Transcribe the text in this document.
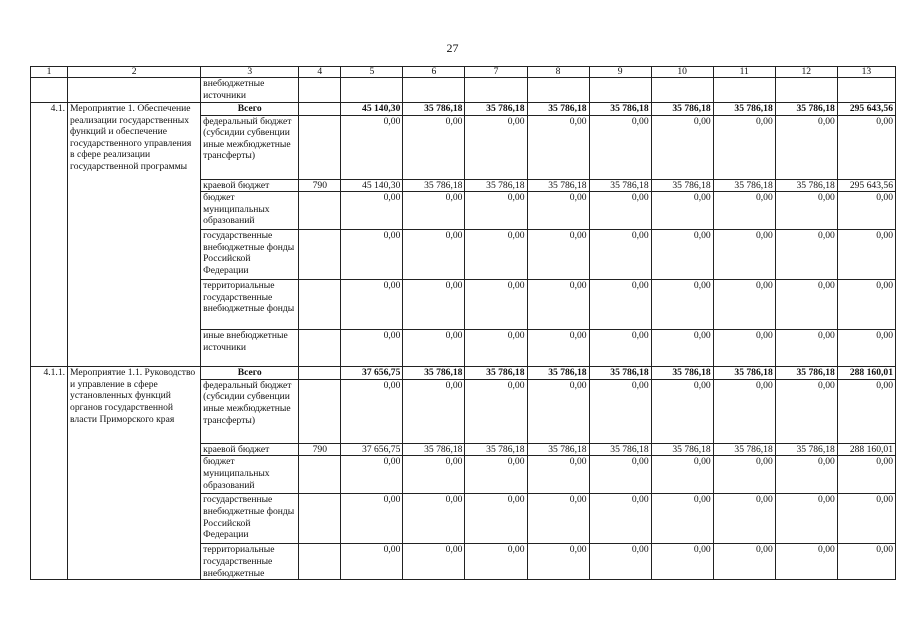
27
1	2	3	4	5	6	7	8	9	10	11	12	13
		внебюджетные источники										
4.1.	Мероприятие 1. Обеспечение реализации государственных функций и обеспечение государственного управления в сфере реализации государственной программы	Всего		45 140,30	35 786,18	35 786,18	35 786,18	35 786,18	35 786,18	35 786,18	35 786,18	295 643,56
		федеральный бюджет (субсидии субвенции иные межбюджетные трансферты)		0,00	0,00	0,00	0,00	0,00	0,00	0,00	0,00	0,00
		краевой бюджет	790	45 140,30	35 786,18	35 786,18	35 786,18	35 786,18	35 786,18	35 786,18	35 786,18	295 643,56
		бюджет муниципальных образований		0,00	0,00	0,00	0,00	0,00	0,00	0,00	0,00	0,00
		государственные внебюджетные фонды Российской Федерации		0,00	0,00	0,00	0,00	0,00	0,00	0,00	0,00	0,00
		территориальные государственные внебюджетные фонды		0,00	0,00	0,00	0,00	0,00	0,00	0,00	0,00	0,00
		иные внебюджетные источники		0,00	0,00	0,00	0,00	0,00	0,00	0,00	0,00	0,00
4.1.1.	Мероприятие 1.1. Руководство и управление в сфере установленных функций органов государственной власти Приморского края	Всего		37 656,75	35 786,18	35 786,18	35 786,18	35 786,18	35 786,18	35 786,18	35 786,18	288 160,01
		федеральный бюджет (субсидии субвенции иные межбюджетные трансферты)		0,00	0,00	0,00	0,00	0,00	0,00	0,00	0,00	0,00
		краевой бюджет	790	37 656,75	35 786,18	35 786,18	35 786,18	35 786,18	35 786,18	35 786,18	35 786,18	288 160,01
		бюджет муниципальных образований		0,00	0,00	0,00	0,00	0,00	0,00	0,00	0,00	0,00
		государственные внебюджетные фонды Российской Федерации		0,00	0,00	0,00	0,00	0,00	0,00	0,00	0,00	0,00
		территориальные государственные внебюджетные		0,00	0,00	0,00	0,00	0,00	0,00	0,00	0,00	0,00
